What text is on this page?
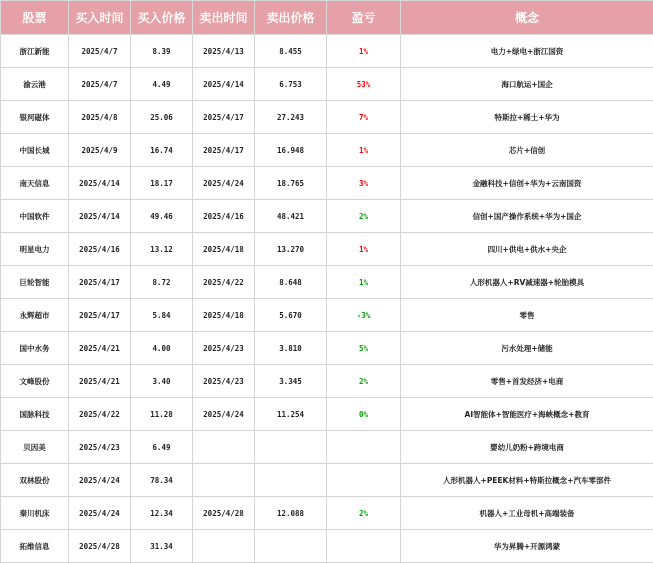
股票	买入时间	买入价格	卖出时间	卖出价格	盈亏	概念
浙江新能	2025/4/7	8.39	2025/4/13	8.455	1%	电力+绿电+浙江国资
渝云港	2025/4/7	4.49	2025/4/14	6.753	53%	海口航运+国企
银河磁体	2025/4/8	25.06	2025/4/17	27.243	7%	特斯拉+稀土+华为
中国长城	2025/4/9	16.74	2025/4/17	16.948	1%	芯片+信创
南天信息	2025/4/14	18.17	2025/4/24	18.765	3%	金融科技+信创+华为+云南国资
中国软件	2025/4/14	49.46	2025/4/16	48.421	2%	信创+国产操作系统+华为+国企
明星电力	2025/4/16	13.12	2025/4/18	13.270	1%	四川+供电+供水+央企
巨轮智能	2025/4/17	8.72	2025/4/22	8.648	1%	人形机器人+RV减速器+轮胎模具
永辉超市	2025/4/17	5.84	2025/4/18	5.670	-3%	零售
国中水务	2025/4/21	4.00	2025/4/23	3.810	5%	污水处理+储能
文峰股份	2025/4/21	3.40	2025/4/23	3.345	2%	零售+首发经济+电商
国脉科技	2025/4/22	11.28	2025/4/24	11.254	0%	AI智能体+智能医疗+海峡概念+教育
贝因美	2025/4/23	6.49				婴幼儿奶粉+跨境电商
双林股份	2025/4/24	78.34				人形机器人+PEEK材料+特斯拉概念+汽车零部件
秦川机床	2025/4/24	12.34	2025/4/28	12.088	2%	机器人+工业母机+高端装备
拓维信息	2025/4/28	31.34				华为昇腾+开源鸿蒙
